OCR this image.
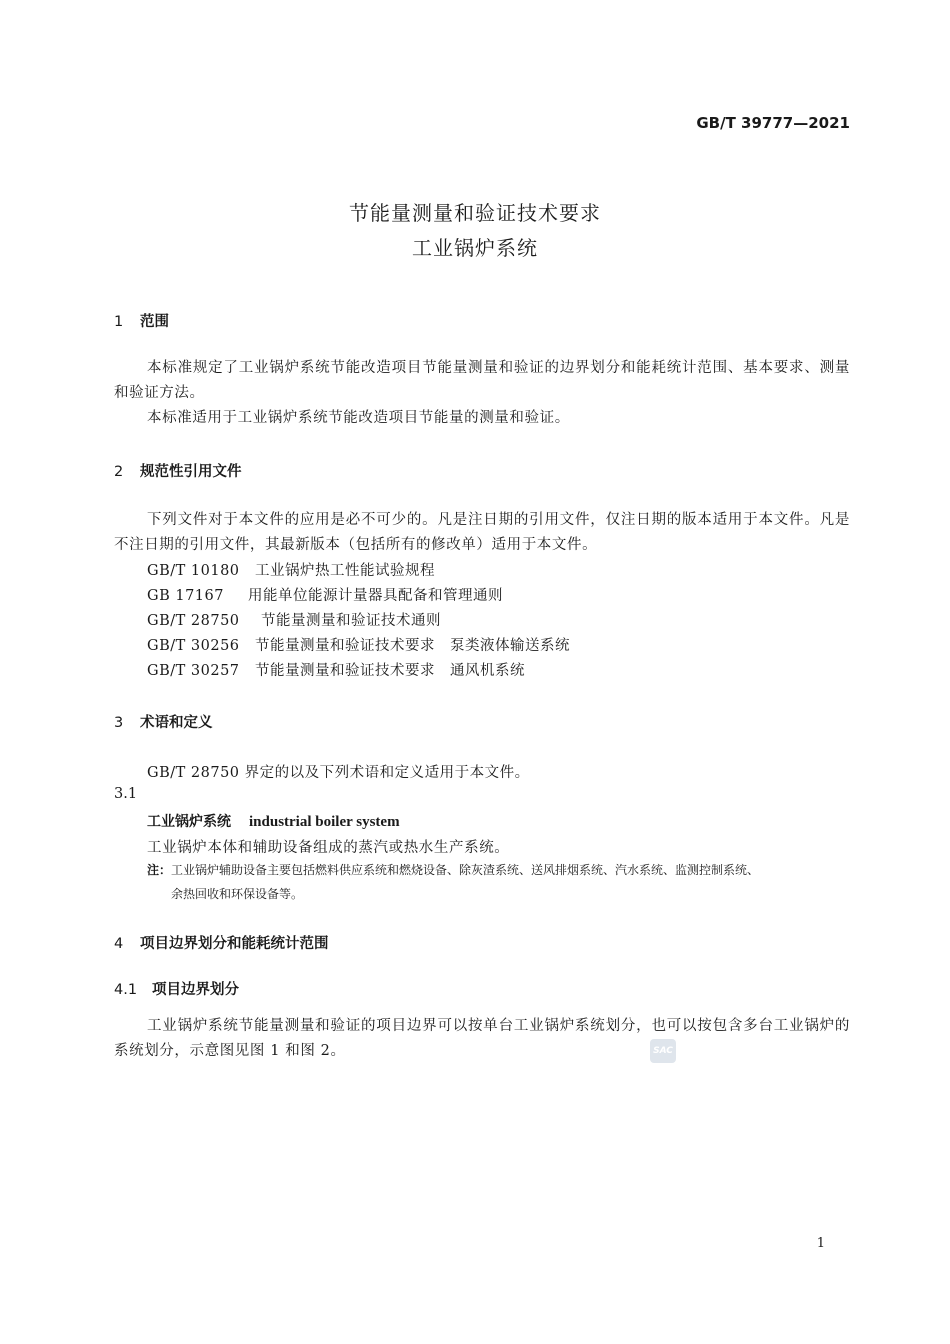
GB/T 39777—2021
节能量测量和验证技术要求
工业锅炉系统
1 范围

本标准规定了工业锅炉系统节能改造项目节能量测量和验证的边界划分和能耗统计范围、基本要求、测量和验证方法。

本标准适用于工业锅炉系统节能改造项目节能量的测量和验证。

2 规范性引用文件

下列文件对于本文件的应用是必不可少的。凡是注日期的引用文件，仅注日期的版本适用于本文件。凡是不注日期的引用文件，其最新版本（包括所有的修改单）适用于本文件。

GB/T 10180 工业锅炉热工性能试验规程
GB 17167 用能单位能源计量器具配备和管理通则
GB/T 28750 节能量测量和验证技术通则
GB/T 30256 节能量测量和验证技术要求　泵类液体输送系统
GB/T 30257 节能量测量和验证技术要求　通风机系统
3 术语和定义
GB/T 28750 界定的以及下列术语和定义适用于本文件。
3.1
工业锅炉系统 industrial boiler system
工业锅炉本体和辅助设备组成的蒸汽或热水生产系统。
注：工业锅炉辅助设备主要包括燃料供应系统和燃烧设备、除灰渣系统、送风排烟系统、汽水系统、监测控制系统、
余热回收和环保设备等。
4 项目边界划分和能耗统计范围
4.1 项目边界划分

工业锅炉系统节能量测量和验证的项目边界可以按单台工业锅炉系统划分，也可以按包含多台工业锅炉的系统划分，示意图见图 1 和图 2。	SAC
1
